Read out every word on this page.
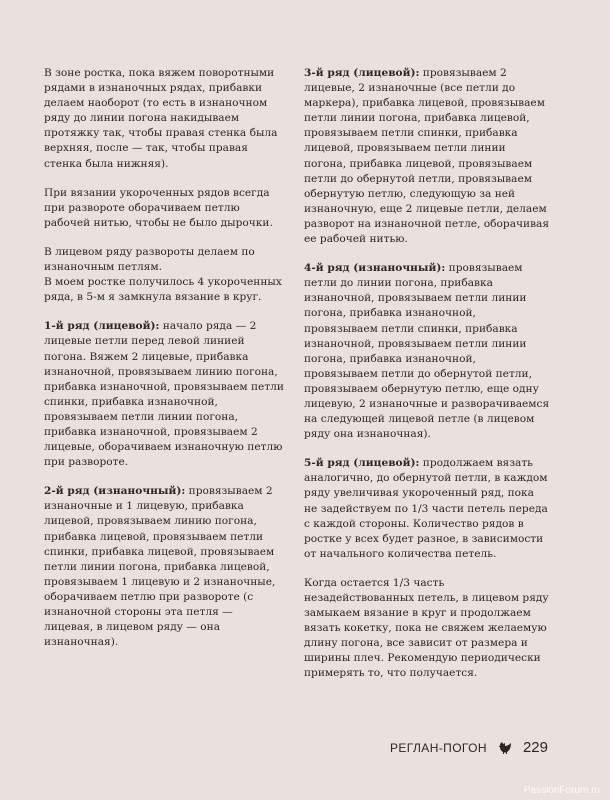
В зоне ростка, пока вяжем поворотными рядами в изнаночных рядах, прибавки делаем наоборот (то есть в изнаночном ряду до линии погона накидываем протяжку так, чтобы правая стенка была верхняя, после — так, чтобы правая стенка была нижняя).

При вязании укороченных рядов всегда при развороте оборачиваем петлю рабочей нитью, чтобы не было дырочки.

В лицевом ряду развороты делаем по изнаночным петлям.

В моем ростке получилось 4 укороченных ряда, в 5-м я замкнула вязание в круг.

1-й ряд (лицевой): начало ряда — 2 лицевые петли перед левой линией погона. Вяжем 2 лицевые, прибавка изнаночной, провязываем линию погона, прибавка изнаночной, провязываем петли спинки, прибавка изнаночной, провязываем петли линии погона, прибавка изнаночной, провязываем 2 лицевые, оборачиваем изнаночную петлю при развороте.

2-й ряд (изнаночный): провязываем 2 изнаночные и 1 лицевую, прибавка лицевой, провязываем линию погона, прибавка лицевой, провязываем петли спинки, прибавка лицевой, провязываем петли линии погона, прибавка лицевой, провязываем 1 лицевую и 2 изнаночные, оборачиваем петлю при развороте (с изнаночной стороны эта петля — лицевая, в лицевом ряду — она изнаночная).

3-й ряд (лицевой): провязываем 2 лицевые, 2 изнаночные (все петли до маркера), прибавка лицевой, провязываем петли линии погона, прибавка лицевой, провязываем петли спинки, прибавка лицевой, провязываем петли линии погона, прибавка лицевой, провязываем петли до обернутой петли, провязываем обернутую петлю, следующую за ней изнаночную, еще 2 лицевые петли, делаем разворот на изнаночной петле, оборачивая ее рабочей нитью.

4-й ряд (изнаночный): провязываем петли до линии погона, прибавка изнаночной, провязываем петли линии погона, прибавка изнаночной, провязываем петли спинки, прибавка изнаночной, провязываем петли линии погона, прибавка изнаночной, провязываем петли до обернутой петли, провязываем обернутую петлю, еще одну лицевую, 2 изнаночные и разворачиваемся на следующей лицевой петле (в лицевом ряду она изнаночная).

5-й ряд (лицевой): продолжаем вязать аналогично, до обернутой петли, в каждом ряду увеличивая укороченный ряд, пока не задействуем по 1/3 части петель переда с каждой стороны. Количество рядов в ростке у всех будет разное, в зависимости от начального количества петель.

Когда остается 1/3 часть незадействованных петель, в лицевом ряду замыкаем вязание в круг и продолжаем вязать кокетку, пока не свяжем желаемую длину погона, все зависит от размера и ширины плеч. Рекомендую периодически примерять то, что получается.

РЕГЛАН-ПОГОН 229
PassionForum.ru
